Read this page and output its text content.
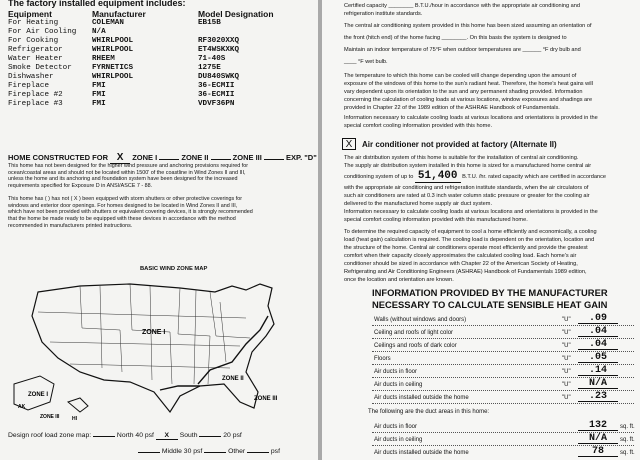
The factory installed equipment includes:
Equipment	Manufacturer	Model Designation
For Heating	COLEMAN	EB15B
For Air Cooling N/A
For Cooking	WHIRLPOOL	RF3020XXQ
Refrigerator	WHIRLPOOL	ET4WSKXKQ
Water Heater	RHEEM	71-40S
Smoke Detector	FYRNETICS	1275E
Dishwasher	WHIRLPOOL	DU840SWKQ
Fireplace	FMI	36-ECMII
Fireplace #2	FMI	36-ECMII
Fireplace #3	FMI	VDVF36PN
HOME CONSTRUCTED FOR X ZONE I	ZONE II	ZONE III	EXP. "D"
This home has not been designed for the higher wind pressure and anchoring provisions required for
ocean/coastal areas and should not be located within 1500' of the coastline in Wind Zones II and III,
unless the home and its anchoring and foundation system have been designed for the increased
requirements specified for Exposure D in ANSI/ASCE 7 - 88.
This home has ( ) has not ( X ) been equipped with storm shutters or other protective coverings for
windows and exterior door openings. For homes designed to be located in Wind Zones II and III,
which have not been provided with shutters or equivalent covering devices, it is strongly recommended
that the home be made ready to be equipped with these devices in accordance with the method
recommended in manufacturers printed instructions.
BASIC WIND ZONE MAP
ZONE I
ZONE II
ZONE III
ZONE I
AK
HI
ZONE III
Design roof load zone map:	North 40 psf X South	20 psf
Middle 30 psf	Other	psf
Certified capacity ________ B.T.U./hour in accordance with the appropriate air conditioning and
refrigeration institute standards.
The central air conditioning system provided in this home has been sized assuming an orientation of
the front (hitch end) of the home facing ________. On this basis the system is designed to
Maintain an indoor temperature of 75°F when outdoor temperatures are ______ °F dry bulb and
____ °F wet bulb.
The temperature to which this home can be cooled will change depending upon the amount of
exposure of the windows of this home to the sun's radiant heat. Therefore, the home's heat gains will
vary dependent upon its orientation to the sun and any permanent shading provided. Information
concerning the calculation of cooling loads at various locations, window exposures and shadings are
provided in Chapter 22 of the 1989 edition of the ASHRAE Handbook of Fundamentals.
Information necessary to calculate cooling loads at various locations and orientations is provided in the
special comfort cooling information provided with this home.
X	Air conditioner not provided at factory (Alternate II)
The air distribution system of this home is suitable for the installation of central air conditioning.
The supply air distribution system installed in this home is sized for a manufactured home central air
conditioning system of up to 51,400 B.T.U. /hr. rated capacity which are certified in accordance
with the appropriate air conditioning and refrigeration institute standards, when the air circulators of
such air conditioners are rated at 0.3 inch water column static pressure or greater for the cooling air
delivered to the manufactured home supply air duct system.
Information necessary to calculate cooling loads at various locations and orientations is provided in the
special comfort cooling information provided with this manufactured home.
To determine the required capacity of equipment to cool a home efficiently and economically, a cooling
load (heat gain) calculation is required. The cooling load is dependent on the orientation, location and
the structure of the home. Central air conditioners operate most efficiently and provide the greatest
comfort when their capacity closely approximates the calculated cooling load. Each home's air
conditioner should be sized in accordance with Chapter 22 of the American Society of Heating,
Refrigerating and Air Conditioning Engineers (ASHRAE) Handbook of Fundamentals 1989 edition,
once the location and orientation are known.
INFORMATION PROVIDED BY THE MANUFACTURER
NECESSARY TO CALCULATE SENSIBLE HEAT GAIN
Walls (without windows and doors)	"U"	.09
Ceiling and roofs of light color	"U"	.04
Ceilings and roofs of dark color	"U"	.04
Floors	"U"	.05
Air ducts in floor	"U"	.14
Air ducts in ceiling	"U"	N/A
Air ducts installed outside the home	"U"	.23
The following are the duct areas in this home:
Air ducts in floor	132	sq. ft.
Air ducts in ceiling	N/A	sq. ft.
Air ducts installed outside the home	78	sq. ft.
